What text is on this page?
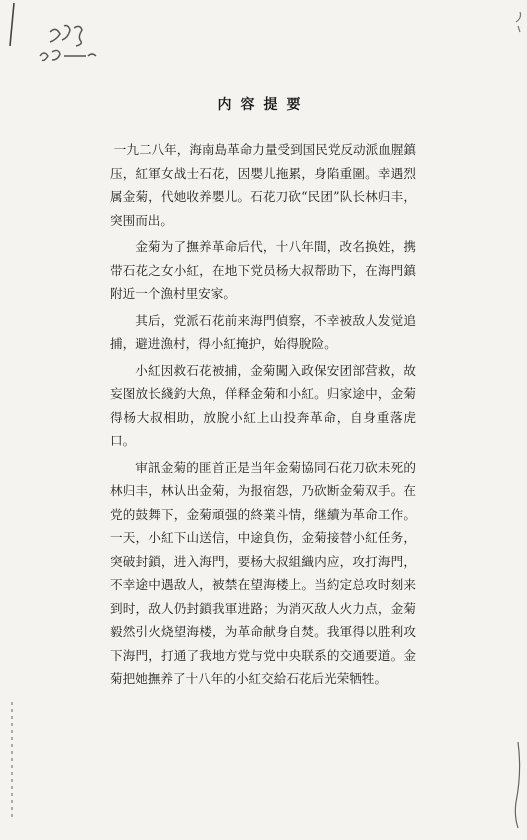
内容提要

一九二八年，海南島革命力量受到国民党反动派血腥鎮压，紅軍女战士石花，因嬰儿拖累，身陷重圍。幸遇烈属金菊，代她收养嬰儿。石花刀砍“民团”队长林归丰，突围而出。

金菊为了撫养革命后代，十八年間，改名换姓，携带石花之女小紅，在地下党员杨大叔帮助下，在海門鎮附近一个漁村里安家。

其后，党派石花前来海門偵察，不幸被敌人发觉追捕，避进漁村，得小紅掩护，始得脫险。

小紅因救石花被捕，金菊闖入政保安团部营救，故妄图放长綫釣大魚，佯释金菊和小紅。归家途中，金菊得杨大叔相助，放脫小紅上山投奔革命，自身重落虎口。

审訊金菊的匪首正是当年金菊協同石花刀砍未死的林归丰，林认出金菊，为报宿怨，乃砍断金菊双手。在党的鼓舞下，金菊頑强的終業斗情，继續为革命工作。一天，小紅下山送信，中途負伤，金菊接替小紅任务，突破封鎖，进入海門，要杨大叔組織内应，攻打海門，不幸途中遇敌人，被禁在望海楼上。当約定总攻时刻来到时，敌人仍封鎖我軍进路；为消灭敌人火力点，金菊毅然引火烧望海楼，为革命献身自焚。我軍得以胜利攻下海門，打通了我地方党与党中央联系的交通要道。金菊把她撫养了十八年的小紅交給石花后光荣牺牲。
